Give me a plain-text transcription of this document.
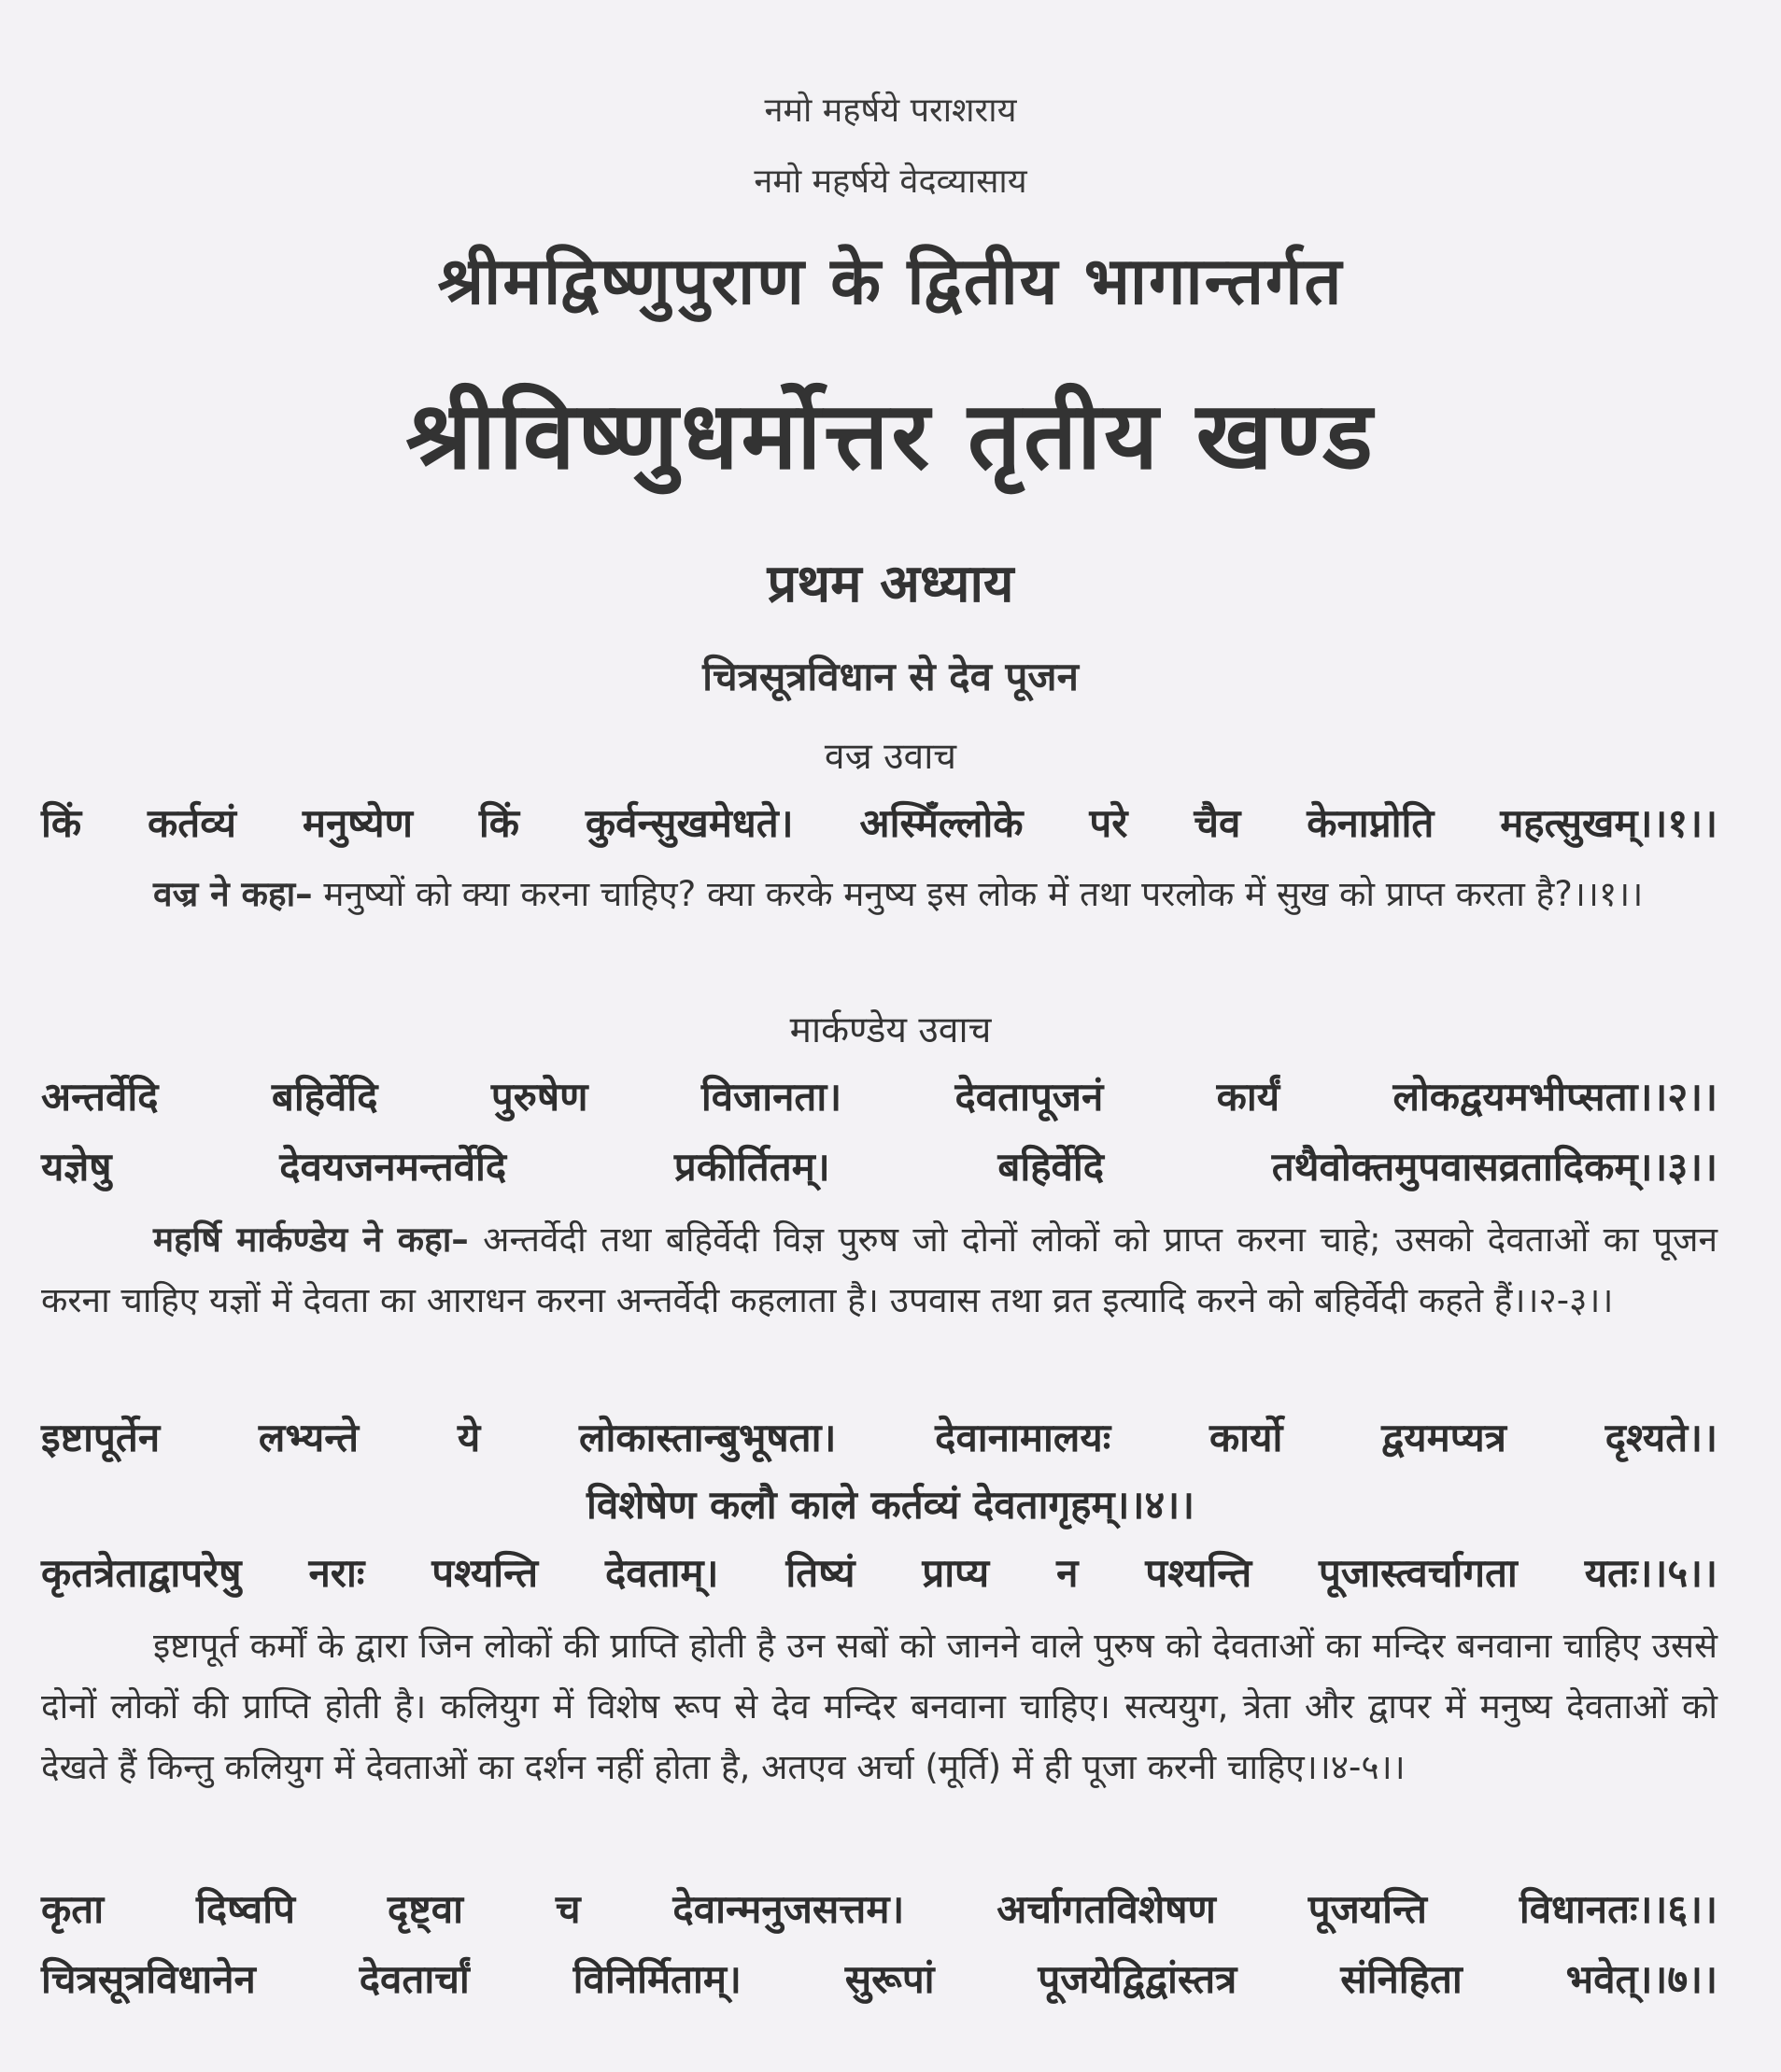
नमो महर्षये पराशराय
नमो महर्षये वेदव्यासाय
श्रीमद्विष्णुपुराण के द्वितीय भागान्तर्गत
श्रीविष्णुधर्मोत्तर तृतीय खण्ड
प्रथम अध्याय
चित्रसूत्रविधान से देव पूजन
वज्र उवाच
किं कर्तव्यं मनुष्येण किं कुर्वन्सुखमेधते। अस्मिँल्लोके परे चैव केनाप्नोति महत्सुखम्।।१।।
वज्र ने कहा– मनुष्यों को क्या करना चाहिए? क्या करके मनुष्य इस लोक में तथा परलोक में सुख को प्राप्त करता है?।।१।।
मार्कण्डेय उवाच
अन्तर्वेदि बहिर्वेदि पुरुषेण विजानता। देवतापूजनं कार्यं लोकद्वयमभीप्सता।।२।।
यज्ञेषु देवयजनमन्तर्वेदि प्रकीर्तितम्। बहिर्वेदि तथैवोक्तमुपवासव्रतादिकम्।।३।।
महर्षि मार्कण्डेय ने कहा– अन्तर्वेदी तथा बहिर्वेदी विज्ञ पुरुष जो दोनों लोकों को प्राप्त करना चाहे; उसको देवताओं का पूजन करना चाहिए यज्ञों में देवता का आराधन करना अन्तर्वेदी कहलाता है। उपवास तथा व्रत इत्यादि करने को बहिर्वेदी कहते हैं।।२-३।।
इष्टापूर्तेन लभ्यन्ते ये लोकास्तान्बुभूषता। देवानामालयः कार्यो द्वयमप्यत्र दृश्यते।।
विशेषेण कलौ काले कर्तव्यं देवतागृहम्।।४।।
कृतत्रेताद्वापरेषु नराः पश्यन्ति देवताम्। तिष्यं प्राप्य न पश्यन्ति पूजास्त्वर्चागता यतः।।५।।
इष्टापूर्त कर्मों के द्वारा जिन लोकों की प्राप्ति होती है उन सबों को जानने वाले पुरुष को देवताओं का मन्दिर बनवाना चाहिए उससे दोनों लोकों की प्राप्ति होती है। कलियुग में विशेष रूप से देव मन्दिर बनवाना चाहिए। सत्ययुग, त्रेता और द्वापर में मनुष्य देवताओं को देखते हैं किन्तु कलियुग में देवताओं का दर्शन नहीं होता है, अतएव अर्चा (मूर्ति) में ही पूजा करनी चाहिए।।४-५।।
कृता दिष्वपि दृष्ट्वा च देवान्मनुजसत्तम। अर्चागतविशेषण पूजयन्ति विधानतः।।६।।
चित्रसूत्रविधानेन देवतार्चां विनिर्मिताम्। सुरूपां पूजयेद्विद्वांस्तत्र संनिहिता भवेत्।।७।।
